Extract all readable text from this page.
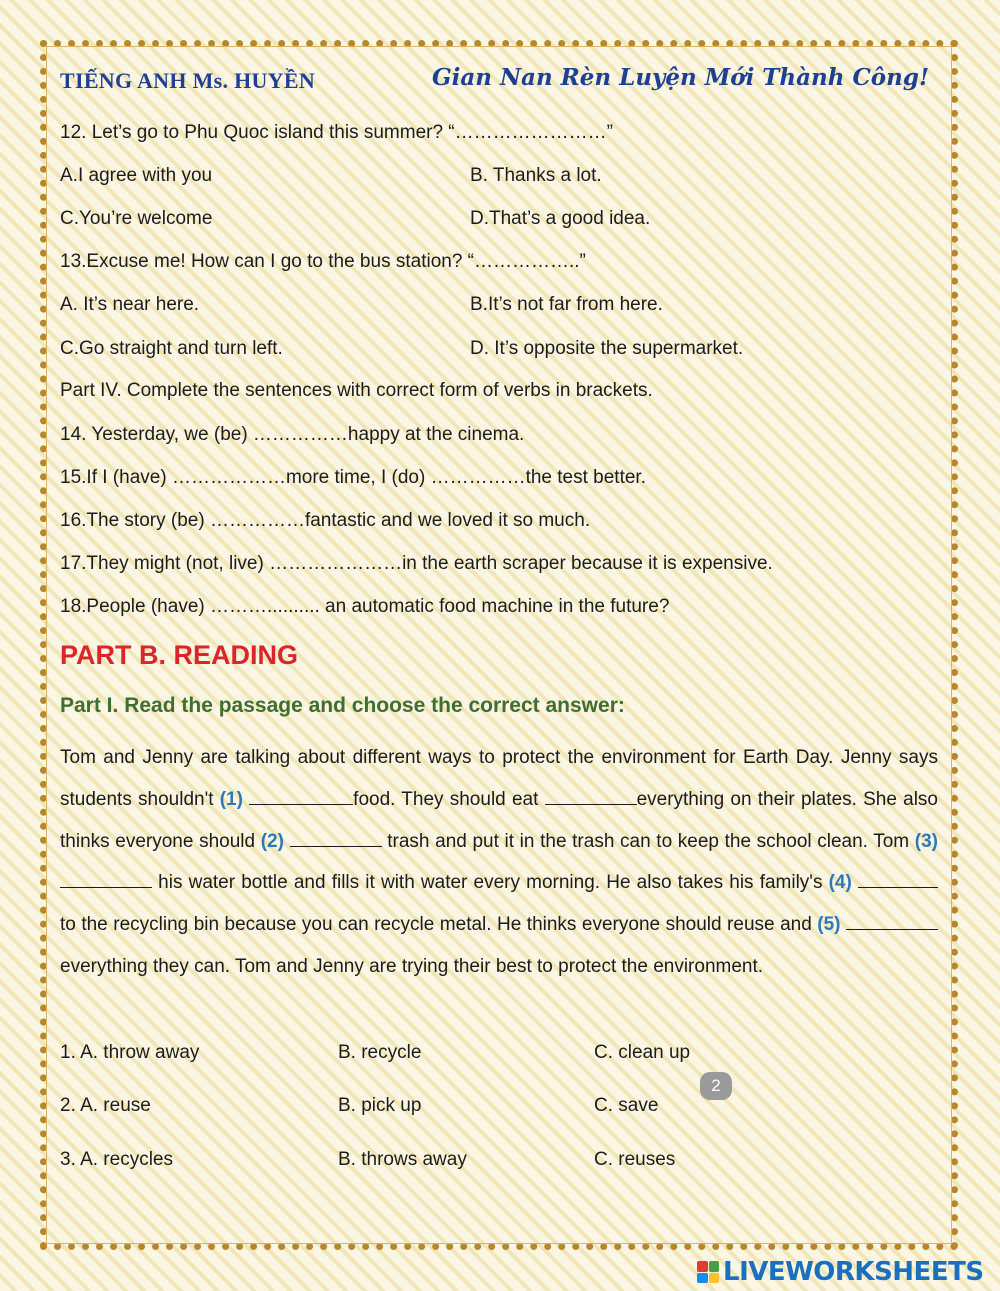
TIẾNG ANH Ms. HUYỀN	Gian Nan Rèn Luyện Mới Thành Công!
12. Let’s go to Phu Quoc island this summer? “……………………”
A.I agree with you	B. Thanks a lot.
C.You’re welcome	D.That’s a good idea.
13.Excuse me! How can I go to the bus station? “……………..”
A. It’s near here.	B.It’s not far from here.
C.Go straight and turn left.	D. It’s opposite the supermarket.
Part IV. Complete the sentences with correct form of verbs in brackets.
14. Yesterday, we (be) ……………happy at the cinema.
15.If I (have) ………………more time, I (do) ……………the test better.
16.The story (be) ……………fantastic and we loved it so much.
17.They might (not, live) …………………in the earth scraper because it is expensive.
18.People (have) ……….......... an automatic food machine in the future?
PART B. READING
Part I. Read the passage and choose the correct answer:
Tom and Jenny are talking about different ways to protect the environment for Earth Day. Jenny says students shouldn't (1)	food. They should eat	everything on their plates. She also thinks everyone should (2)	trash and put it in the trash can to keep the school clean. Tom (3)  his water bottle and fills it with water every morning. He also takes his family's (4)  to the recycling bin because you can recycle metal. He thinks everyone should reuse and (5)  everything they can. Tom and Jenny are trying their best to protect the environment.
1. A. throw away	B. recycle	C. clean up
2. A. reuse	B. pick up	C. save
3. A. recycles	B. throws away	C. reuses
2
LIVEWORKSHEETS
